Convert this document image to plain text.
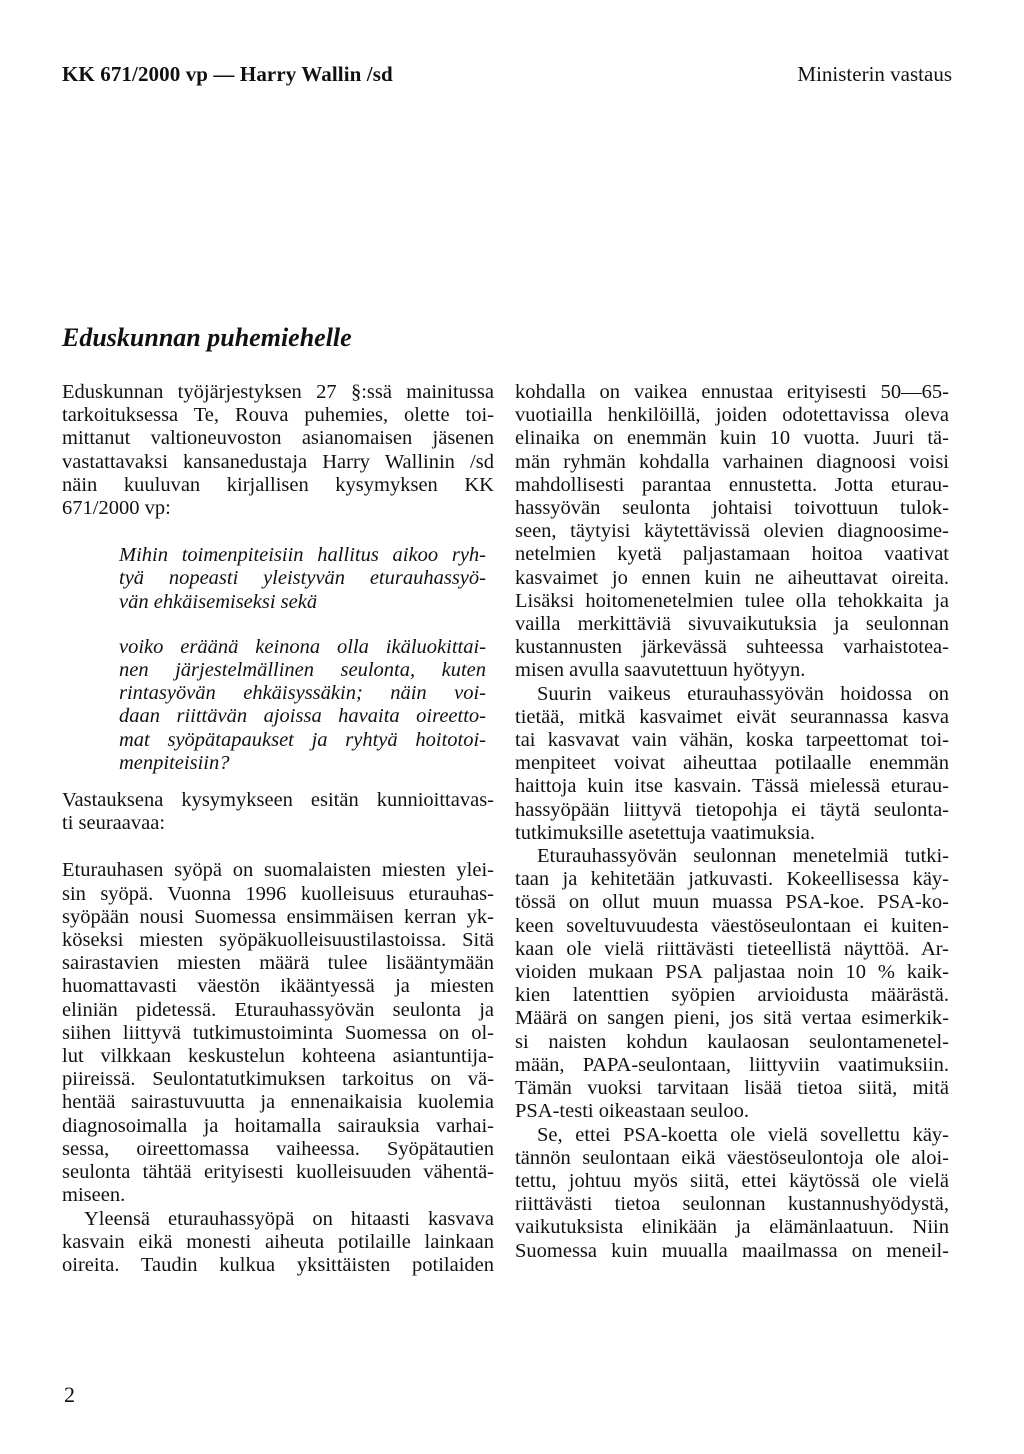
KK 671/2000 vp — Harry Wallin /sd	Ministerin vastaus
Eduskunnan puhemiehelle

Eduskunnan työjärjestyksen 27 §:ssä mainitussa
tarkoituksessa Te, Rouva puhemies, olette toi-
mittanut valtioneuvoston asianomaisen jäsenen
vastattavaksi kansanedustaja Harry Wallinin /sd
näin kuuluvan kirjallisen kysymyksen KK
671/2000 vp:

Mihin toimenpiteisiin hallitus aikoo ryh-
tyä nopeasti yleistyvän eturauhassyö-
vän ehkäisemiseksi sekä

voiko eräänä keinona olla ikäluokittai-
nen järjestelmällinen seulonta, kuten
rintasyövän ehkäisyssäkin; näin voi-
daan riittävän ajoissa havaita oireetto-
mat syöpätapaukset ja ryhtyä hoitotoi-
menpiteisiin?

Vastauksena kysymykseen esitän kunnioittavas-
ti seuraavaa:

Eturauhasen syöpä on suomalaisten miesten ylei-
sin syöpä. Vuonna 1996 kuolleisuus eturauhas-
syöpään nousi Suomessa ensimmäisen kerran yk-
köseksi miesten syöpäkuolleisuustilastoissa. Sitä
sairastavien miesten määrä tulee lisääntymään
huomattavasti väestön ikääntyessä ja miesten
eliniän pidetessä. Eturauhassyövän seulonta ja
siihen liittyvä tutkimustoiminta Suomessa on ol-
lut vilkkaan keskustelun kohteena asiantuntija-
piireissä. Seulontatutkimuksen tarkoitus on vä-
hentää sairastuvuutta ja ennenaikaisia kuolemia
diagnosoimalla ja hoitamalla sairauksia varhai-
sessa, oireettomassa vaiheessa. Syöpätautien
seulonta tähtää erityisesti kuolleisuuden vähentä-
miseen.

Yleensä eturauhassyöpä on hitaasti kasvava
kasvain eikä monesti aiheuta potilaille lainkaan
oireita. Taudin kulkua yksittäisten potilaiden

kohdalla on vaikea ennustaa erityisesti 50—65-
vuotiailla henkilöillä, joiden odotettavissa oleva
elinaika on enemmän kuin 10 vuotta. Juuri tä-
män ryhmän kohdalla varhainen diagnoosi voisi
mahdollisesti parantaa ennustetta. Jotta eturau-
hassyövän seulonta johtaisi toivottuun tulok-
seen, täytyisi käytettävissä olevien diagnoosime-
netelmien kyetä paljastamaan hoitoa vaativat
kasvaimet jo ennen kuin ne aiheuttavat oireita.
Lisäksi hoitomenetelmien tulee olla tehokkaita ja
vailla merkittäviä sivuvaikutuksia ja seulonnan
kustannusten järkevässä suhteessa varhaistotea-
misen avulla saavutettuun hyötyyn.

Suurin vaikeus eturauhassyövän hoidossa on
tietää, mitkä kasvaimet eivät seurannassa kasva
tai kasvavat vain vähän, koska tarpeettomat toi-
menpiteet voivat aiheuttaa potilaalle enemmän
haittoja kuin itse kasvain. Tässä mielessä eturau-
hassyöpään liittyvä tietopohja ei täytä seulonta-
tutkimuksille asetettuja vaatimuksia.

Eturauhassyövän seulonnan menetelmiä tutki-
taan ja kehitetään jatkuvasti. Kokeellisessa käy-
tössä on ollut muun muassa PSA-koe. PSA-ko-
keen soveltuvuudesta väestöseulontaan ei kuiten-
kaan ole vielä riittävästi tieteellistä näyttöä. Ar-
vioiden mukaan PSA paljastaa noin 10 % kaik-
kien latenttien syöpien arvioidusta määrästä.
Määrä on sangen pieni, jos sitä vertaa esimerkik-
si naisten kohdun kaulaosan seulontamenetel-
mään, PAPA-seulontaan, liittyviin vaatimuksiin.
Tämän vuoksi tarvitaan lisää tietoa siitä, mitä
PSA-testi oikeastaan seuloo.

Se, ettei PSA-koetta ole vielä sovellettu käy-
tännön seulontaan eikä väestöseulontoja ole aloi-
tettu, johtuu myös siitä, ettei käytössä ole vielä
riittävästi tietoa seulonnan kustannushyödystä,
vaikutuksista elinikään ja elämänlaatuun. Niin
Suomessa kuin muualla maailmassa on meneil-

2
